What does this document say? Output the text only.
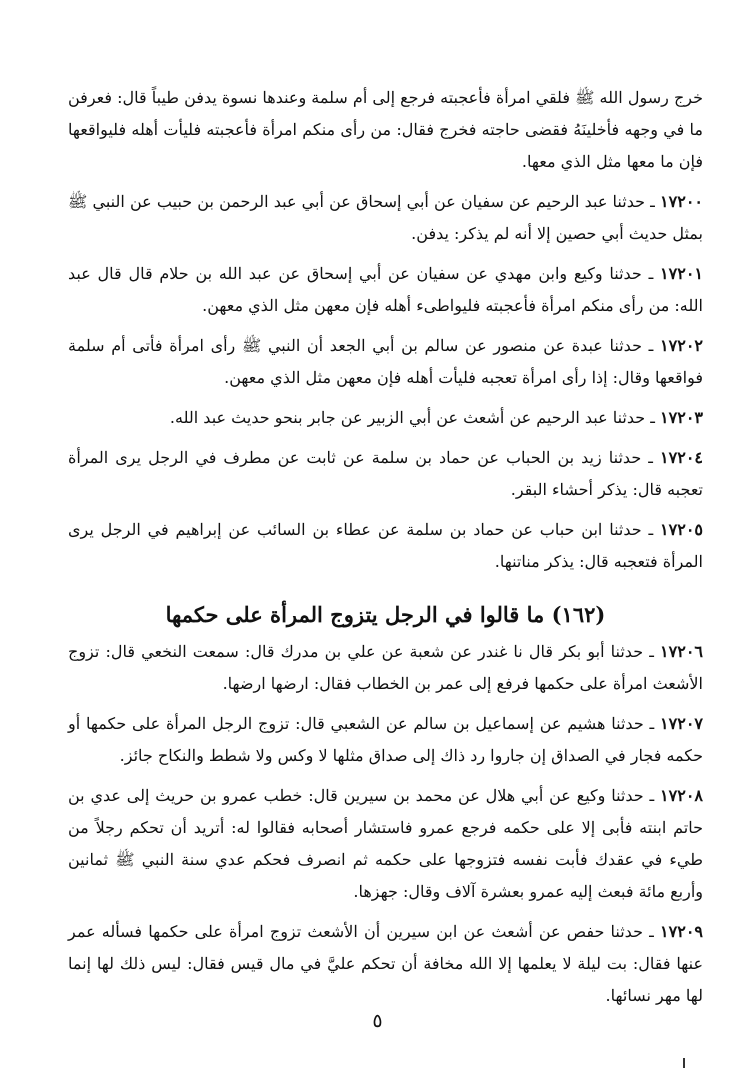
خرج رسول الله ﷺ فلقي امرأة فأعجبته فرجع إلى أم سلمة وعندها نسوة يدفن طيباً قال: فعرفن ما في وجهه فأخلينَهُ فقضى حاجته فخرج فقال: من رأى منكم امرأة فأعجبته فليأت أهله فليواقعها فإن ما معها مثل الذي معها.

١٧٢٠٠ ـ حدثنا عبد الرحيم عن سفيان عن أبي إسحاق عن أبي عبد الرحمن بن حبيب عن النبي ﷺ بمثل حديث أبي حصين إلا أنه لم يذكر: يدفن.

١٧٢٠١ ـ حدثنا وكيع وابن مهدي عن سفيان عن أبي إسحاق عن عبد الله بن حلام قال قال عبد الله: من رأى منكم امرأة فأعجبته فليواطىء أهله فإن معهن مثل الذي معهن.

١٧٢٠٢ ـ حدثنا عبدة عن منصور عن سالم بن أبي الجعد أن النبي ﷺ رأى امرأة فأتى أم سلمة فواقعها وقال: إذا رأى امرأة تعجبه فليأت أهله فإن معهن مثل الذي معهن.

١٧٢٠٣ ـ حدثنا عبد الرحيم عن أشعث عن أبي الزبير عن جابر بنحو حديث عبد الله.

١٧٢٠٤ ـ حدثنا زيد بن الحباب عن حماد بن سلمة عن ثابت عن مطرف في الرجل يرى المرأة تعجبه قال: يذكر أحشاء البقر.

١٧٢٠٥ ـ حدثنا ابن حباب عن حماد بن سلمة عن عطاء بن السائب عن إبراهيم في الرجل يرى المرأة فتعجبه قال: يذكر مناتنها.

(١٦٢) ما قالوا في الرجل يتزوج المرأة على حكمها

١٧٢٠٦ ـ حدثنا أبو بكر قال نا غندر عن شعبة عن علي بن مدرك قال: سمعت النخعي قال: تزوج الأشعث امرأة على حكمها فرفع إلى عمر بن الخطاب فقال: ارضها ارضها.

١٧٢٠٧ ـ حدثنا هشيم عن إسماعيل بن سالم عن الشعبي قال: تزوج الرجل المرأة على حكمها أو حكمه فجار في الصداق إن جاروا رد ذاك إلى صداق مثلها لا وكس ولا شطط والنكاح جائز.

١٧٢٠٨ ـ حدثنا وكيع عن أبي هلال عن محمد بن سيرين قال: خطب عمرو بن حريث إلى عدي بن حاتم ابنته فأبى إلا على حكمه فرجع عمرو فاستشار أصحابه فقالوا له: أتريد أن تحكم رجلاً من طيء في عقدك فأبت نفسه فتزوجها على حكمه ثم انصرف فحكم عدي سنة النبي ﷺ ثمانين وأربع مائة فبعث إليه عمرو بعشرة آلاف وقال: جهزها.

١٧٢٠٩ ـ حدثنا حفص عن أشعث عن ابن سيرين أن الأشعث تزوج امرأة على حكمها فسأله عمر عنها فقال: بت ليلة لا يعلمها إلا الله مخافة أن تحكم عليَّ في مال قيس فقال: ليس ذلك لها إنما لها مهر نسائها.

٥
